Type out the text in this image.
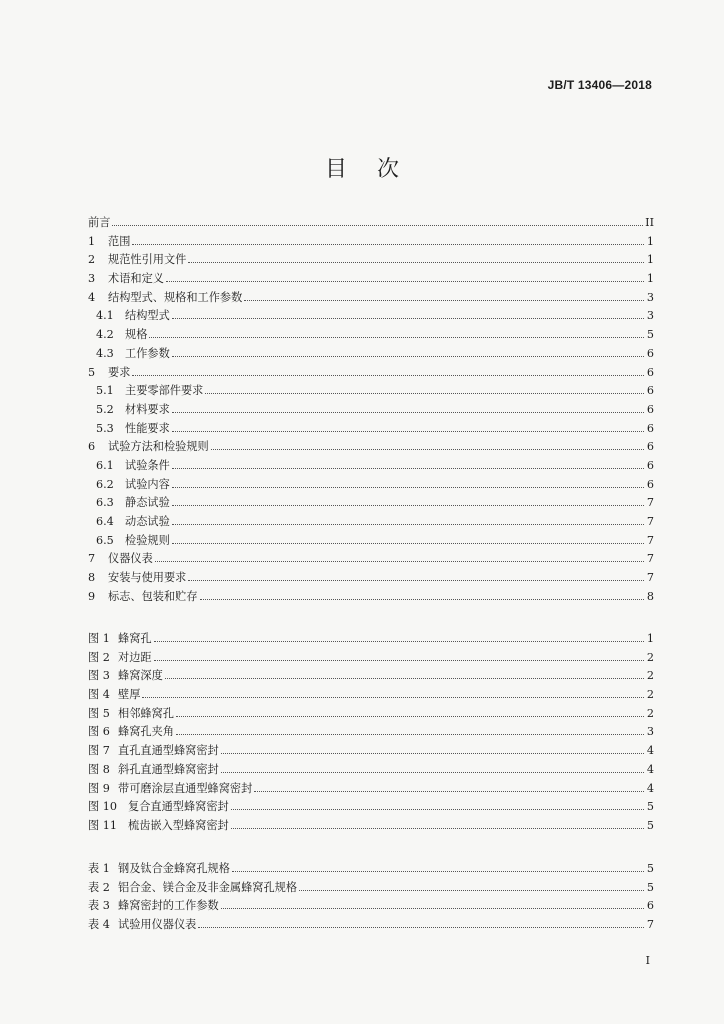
JB/T 13406—2018
目次
前言	II
1	范围	1
2	规范性引用文件	1
3	术语和定义	1
4	结构型式、规格和工作参数	3
4.1	结构型式	3
4.2	规格	5
4.3	工作参数	6
5	要求	6
5.1	主要零部件要求	6
5.2	材料要求	6
5.3	性能要求	6
6	试验方法和检验规则	6
6.1	试验条件	6
6.2	试验内容	6
6.3	静态试验	7
6.4	动态试验	7
6.5	检验规则	7
7	仪器仪表	7
8	安装与使用要求	7
9	标志、包装和贮存	8
图 1 蜂窝孔	1
图 2 对边距	2
图 3 蜂窝深度	2
图 4 壁厚	2
图 5 相邻蜂窝孔	2
图 6 蜂窝孔夹角	3
图 7 直孔直通型蜂窝密封	4
图 8 斜孔直通型蜂窝密封	4
图 9 带可磨涂层直通型蜂窝密封	4
图 10 复合直通型蜂窝密封	5
图 11 梳齿嵌入型蜂窝密封	5
表 1 钢及钛合金蜂窝孔规格	5
表 2 铝合金、镁合金及非金属蜂窝孔规格	5
表 3 蜂窝密封的工作参数	6
表 4 试验用仪器仪表	7
I
